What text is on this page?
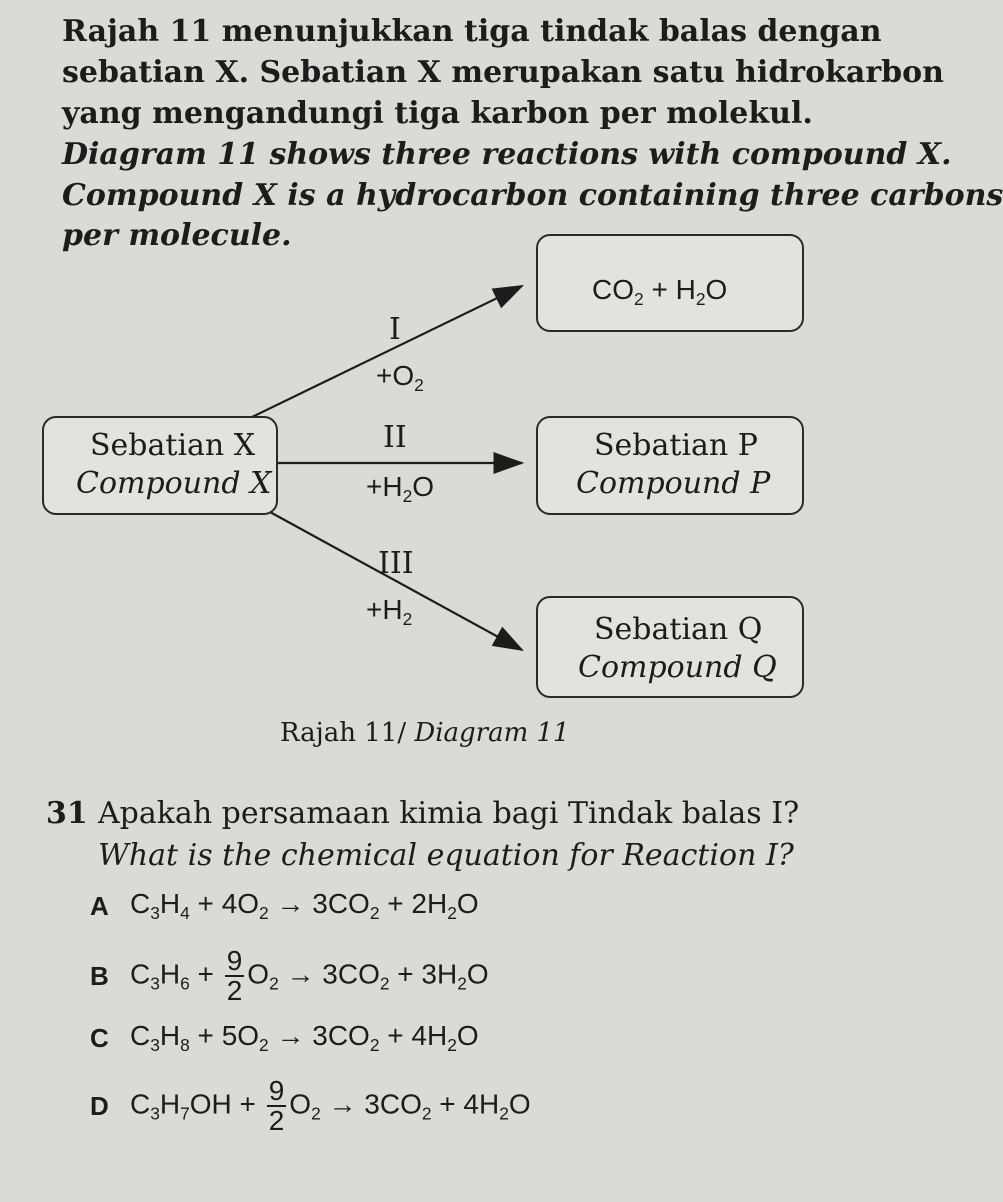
Rajah 11 menunjukkan tiga tindak balas dengan
sebatian X. Sebatian X merupakan satu hidrokarbon
yang mengandungi tiga karbon per molekul.
Diagram 11 shows three reactions with compound X.
Compound X is a hydrocarbon containing three carbons
per molecule.
Sebatian X
Compound X
$CO_2 + H_2O$
Sebatian P
Compound P
Sebatian Q
Compound Q
I
$+O_2$
II
$+H_2O$
III
$+H_2$
Rajah 11/ Diagram 11
31 Apakah persamaan kimia bagi Tindak balas I?
What is the chemical equation for Reaction I?
A $C_3H_4 + 4O_2 \to 3CO_2 + 2H_2O$
B $C_3H_6 + \frac{9}{2} O_2 \to 3CO_2 + 3H_2O$
C $C_3H_8 + 5O_2 \to 3CO_2 + 4H_2O$
D $C_3H_7OH + \frac{9}{2} O_2 \to 3CO_2 + 4H_2O$
